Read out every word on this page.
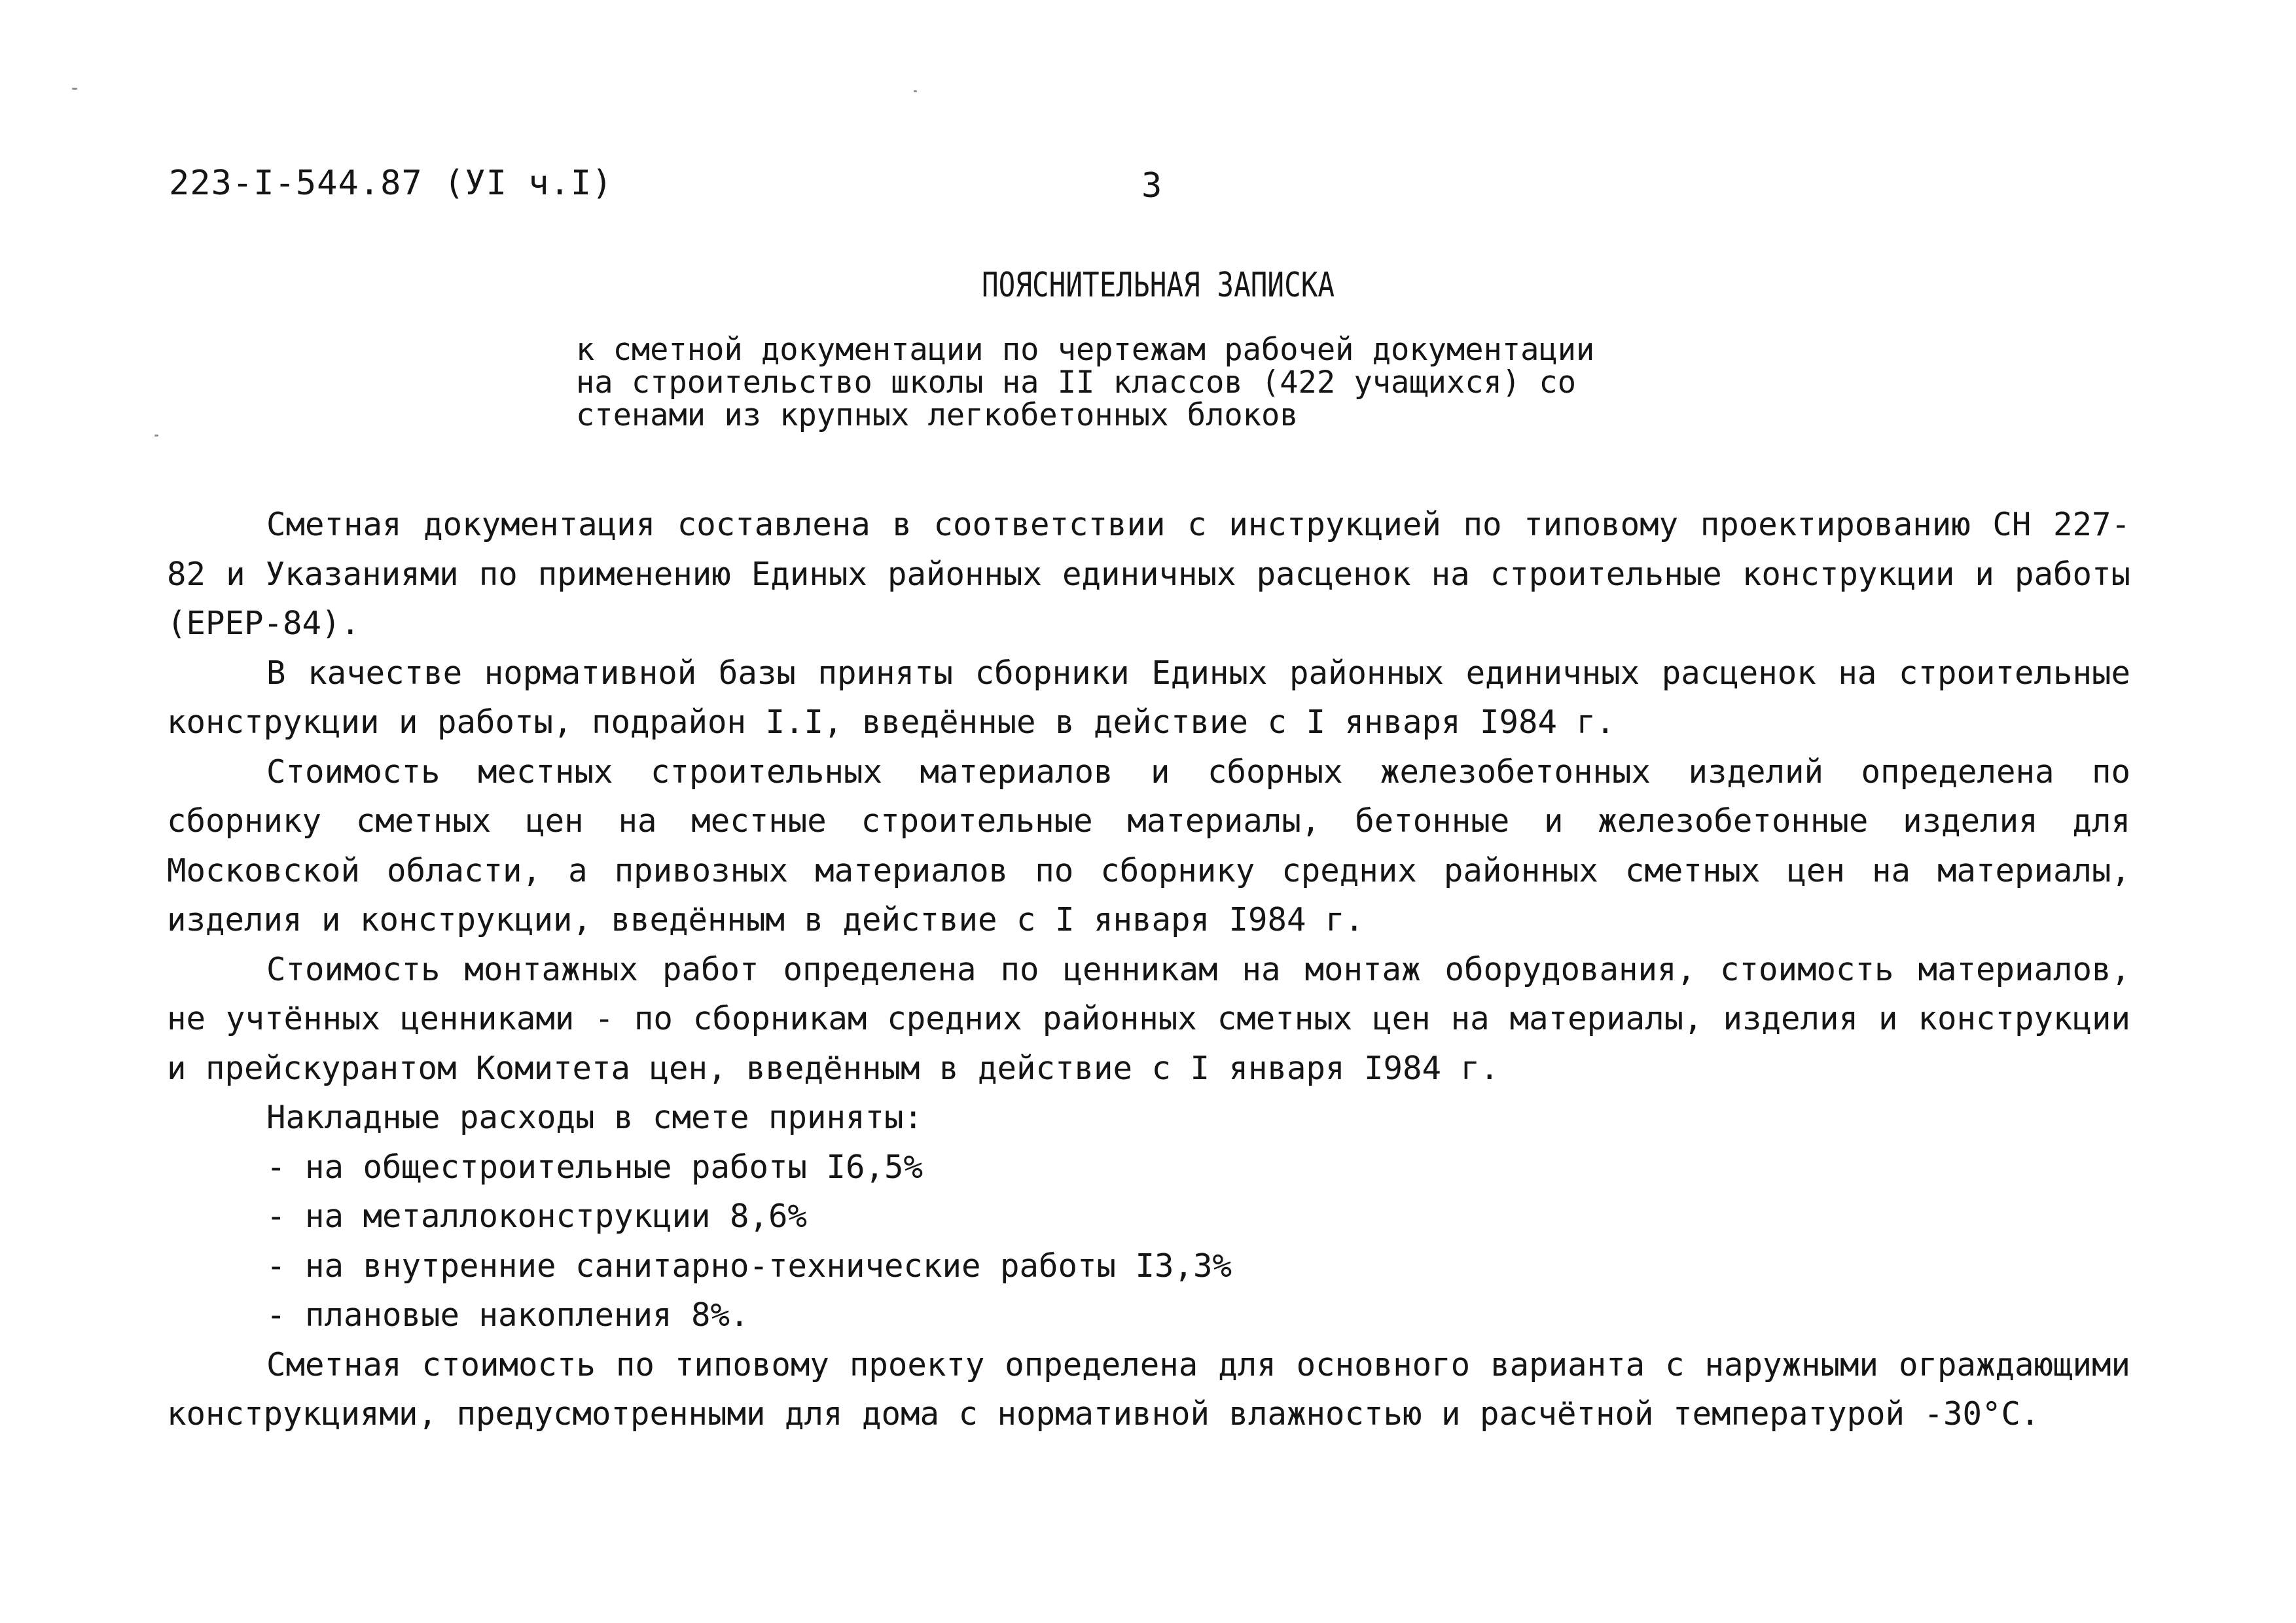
223-I-544.87 (УI ч.I)	3
ПОЯСНИТЕЛЬНАЯ ЗАПИСКА
к сметной документации по чертежам рабочей документации
на строительство школы на II классов (422 учащихся) со
стенами из крупных легкобетонных блоков

Сметная документация составлена в соответствии с инструкцией по типовому проектированию СН 227-82 и Указаниями по применению Единых районных единичных расценок на строительные конструкции и работы (ЕРЕР-84).

В качестве нормативной базы приняты сборники Единых районных единичных расценок на строительные конструкции и работы, подрайон I.I, введённые в действие с I января I984 г.

Стоимость местных строительных материалов и сборных железобетонных изделий определена по сборнику сметных цен на местные строительные материалы, бетонные и железобетонные изделия для Московской области, а привозных материалов по сборнику средних районных сметных цен на материалы, изделия и конструкции, введённым в действие с I января I984 г.

Стоимость монтажных работ определена по ценникам на монтаж оборудования, стоимость материалов, не учтённых ценниками - по сборникам средних районных сметных цен на материалы, изделия и конструкции и прейскурантом Комитета цен, введённым в действие с I января I984 г.

Накладные расходы в смете приняты:

- на общестроительные работы I6,5%
- на металлоконструкции 8,6%
- на внутренние санитарно-технические работы I3,3%
- плановые накопления 8%.

Сметная стоимость по типовому проекту определена для основного варианта с наружными ограждающими конструкциями, предусмотренными для дома с нормативной влажностью и расчётной температурой -30°С.
